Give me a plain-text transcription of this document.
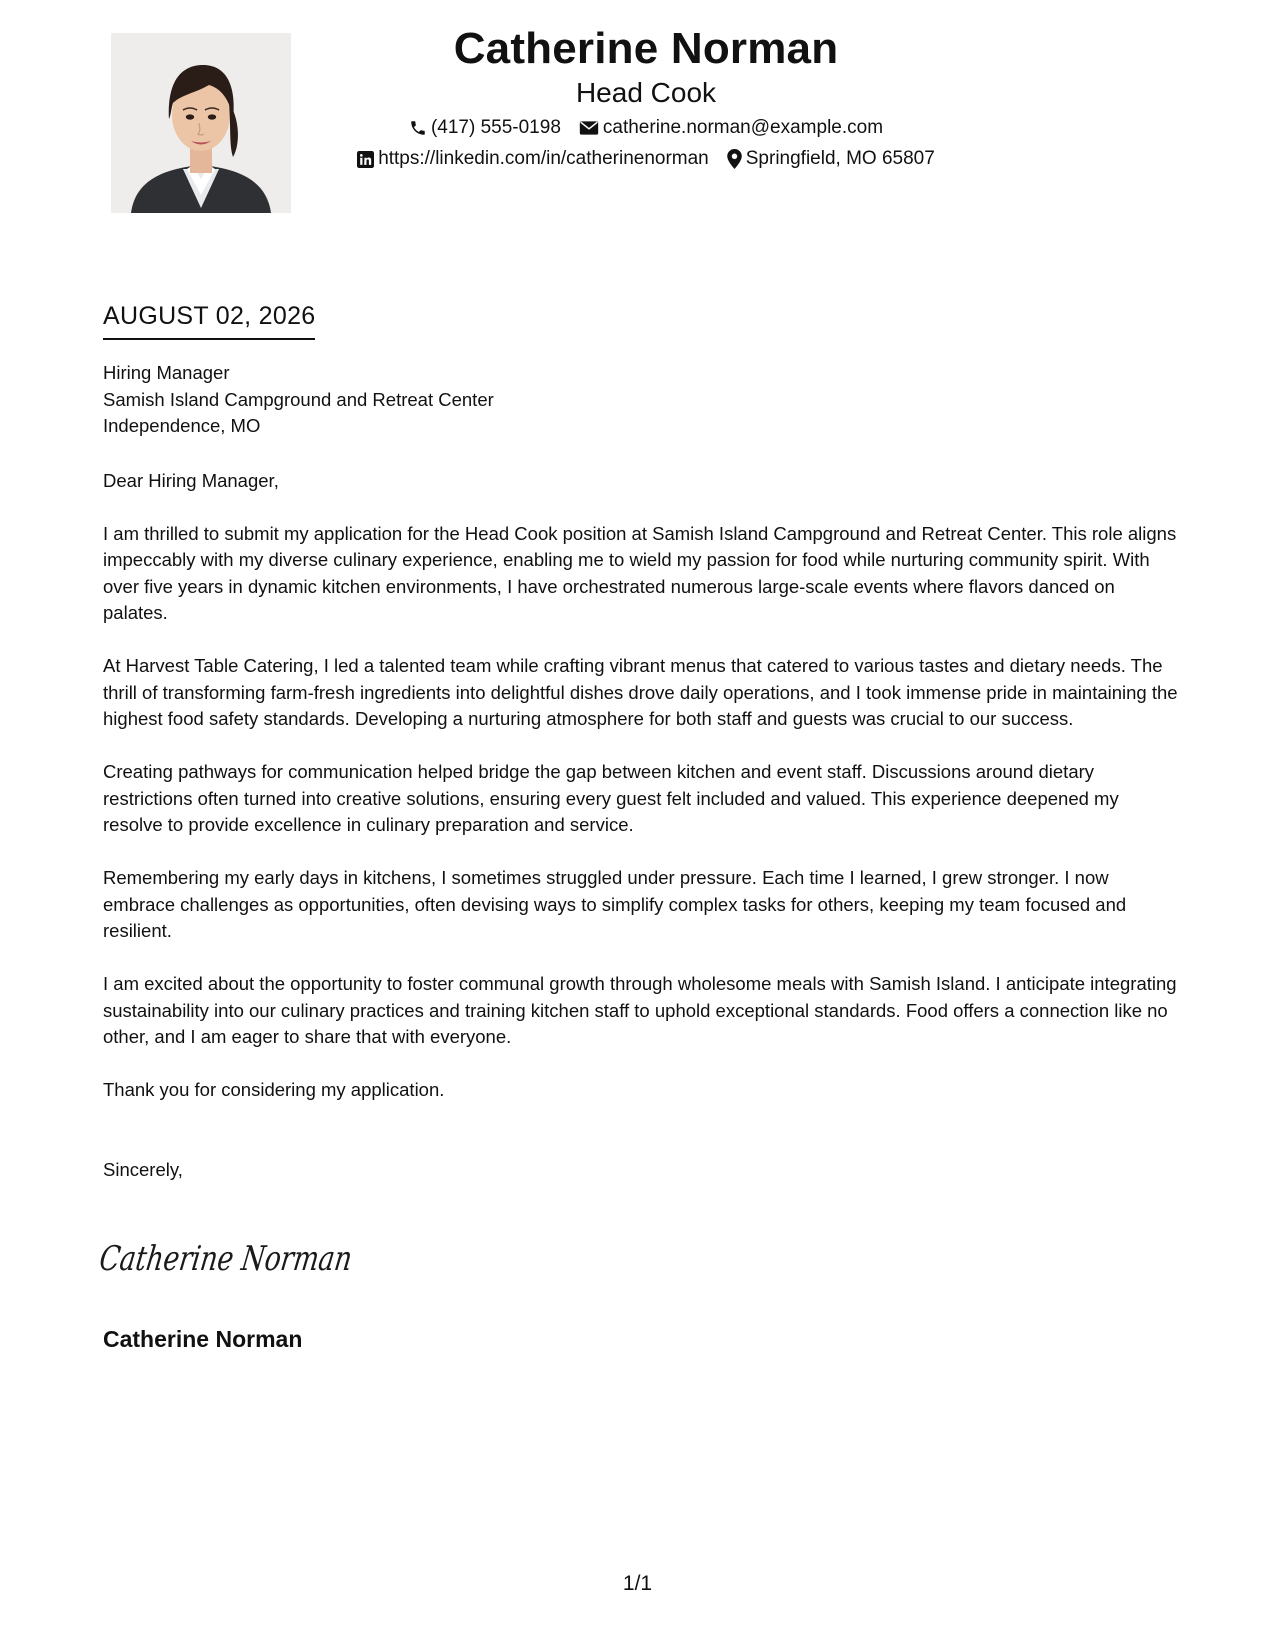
Catherine Norman
Head Cook
(417) 555-0198 catherine.norman@example.com
https://linkedin.com/in/catherinenorman Springfield, MO 65807
AUGUST 02, 2026

Hiring Manager

Samish Island Campground and Retreat Center

Independence, MO

Dear Hiring Manager,

I am thrilled to submit my application for the Head Cook position at Samish Island Campground and Retreat Center. This role aligns impeccably with my diverse culinary experience, enabling me to wield my passion for food while nurturing community spirit. With over five years in dynamic kitchen environments, I have orchestrated numerous large-scale events where flavors danced on palates.

At Harvest Table Catering, I led a talented team while crafting vibrant menus that catered to various tastes and dietary needs. The thrill of transforming farm-fresh ingredients into delightful dishes drove daily operations, and I took immense pride in maintaining the highest food safety standards. Developing a nurturing atmosphere for both staff and guests was crucial to our success.

Creating pathways for communication helped bridge the gap between kitchen and event staff. Discussions around dietary restrictions often turned into creative solutions, ensuring every guest felt included and valued. This experience deepened my resolve to provide excellence in culinary preparation and service.

Remembering my early days in kitchens, I sometimes struggled under pressure. Each time I learned, I grew stronger. I now embrace challenges as opportunities, often devising ways to simplify complex tasks for others, keeping my team focused and resilient.

I am excited about the opportunity to foster communal growth through wholesome meals with Samish Island. I anticipate integrating sustainability into our culinary practices and training kitchen staff to uphold exceptional standards. Food offers a connection like no other, and I am eager to share that with everyone.

Thank you for considering my application.

Sincerely,

Catherine Norman
Catherine Norman
1/1
